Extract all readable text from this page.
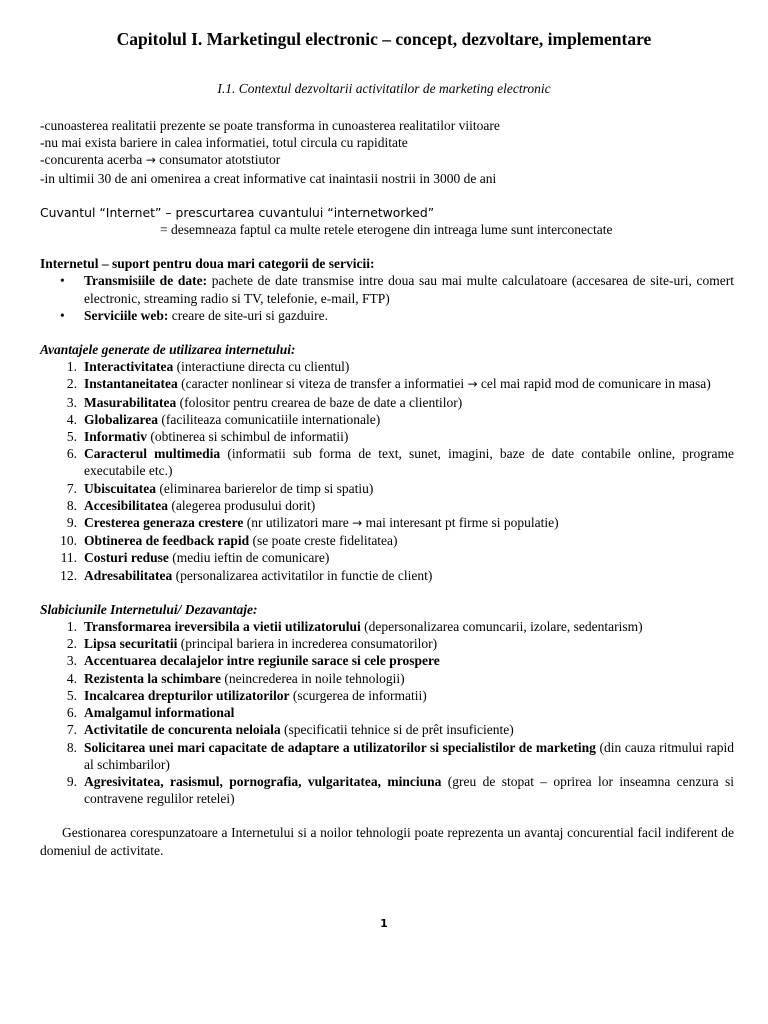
Capitolul I. Marketingul electronic – concept, dezvoltare, implementare
I.1. Contextul dezvoltarii activitatilor de marketing electronic

-cunoasterea realitatii prezente se poate transforma in cunoasterea realitatilor viitoare

-nu mai exista bariere in calea informatiei, totul circula cu rapiditate

-concurenta acerba → consumator atotstiutor

-in ultimii 30 de ani omenirea a creat informative cat inaintasii nostrii in 3000 de ani

Cuvantul “Internet” – prescurtarea cuvantului “internetworked”

= desemneaza faptul ca multe retele eterogene din intreaga lume sunt interconectate

Internetul – suport pentru doua mari categorii de servicii:

• Transmisiile de date: pachete de date transmise intre doua sau mai multe calculatoare (accesarea de site-uri, comert electronic, streaming radio si TV, telefonie, e-mail, FTP)
• Serviciile web: creare de site-uri si gazduire.

Avantajele generate de utilizarea internetului:

1. Interactivitatea (interactiune directa cu clientul)
2. Instantaneitatea (caracter nonlinear si viteza de transfer a informatiei → cel mai rapid mod de comunicare in masa)
3. Masurabilitatea (folositor pentru crearea de baze de date a clientilor)
4. Globalizarea (faciliteaza comunicatiile internationale)
5. Informativ (obtinerea si schimbul de informatii)
6. Caracterul multimedia (informatii sub forma de text, sunet, imagini, baze de date contabile online, programe executabile etc.)
7. Ubiscuitatea (eliminarea barierelor de timp si spatiu)
8. Accesibilitatea (alegerea produsului dorit)
9. Cresterea generaza crestere (nr utilizatori mare → mai interesant pt firme si populatie)
10. Obtinerea de feedback rapid (se poate creste fidelitatea)
11. Costuri reduse (mediu ieftin de comunicare)
12. Adresabilitatea (personalizarea activitatilor in functie de client)

Slabiciunile Internetului/ Dezavantaje:

1. Transformarea ireversibila a vietii utilizatorului (depersonalizarea comuncarii, izolare, sedentarism)
2. Lipsa securitatii (principal bariera in increderea consumatorilor)
3. Accentuarea decalajelor intre regiunile sarace si cele prospere
4. Rezistenta la schimbare (neincrederea in noile tehnologii)
5. Incalcarea drepturilor utilizatorilor (scurgerea de informatii)
6. Amalgamul informational
7. Activitatile de concurenta neloiala (specificatii tehnice si de prêt insuficiente)
8. Solicitarea unei mari capacitate de adaptare a utilizatorilor si specialistilor de marketing (din cauza ritmului rapid al schimbarilor)
9. Agresivitatea, rasismul, pornografia, vulgaritatea, minciuna (greu de stopat – oprirea lor inseamna cenzura si contravene regulilor retelei)

Gestionarea corespunzatoare a Internetului si a noilor tehnologii poate reprezenta un avantaj concurential facil indiferent de domeniul de activitate.

1
